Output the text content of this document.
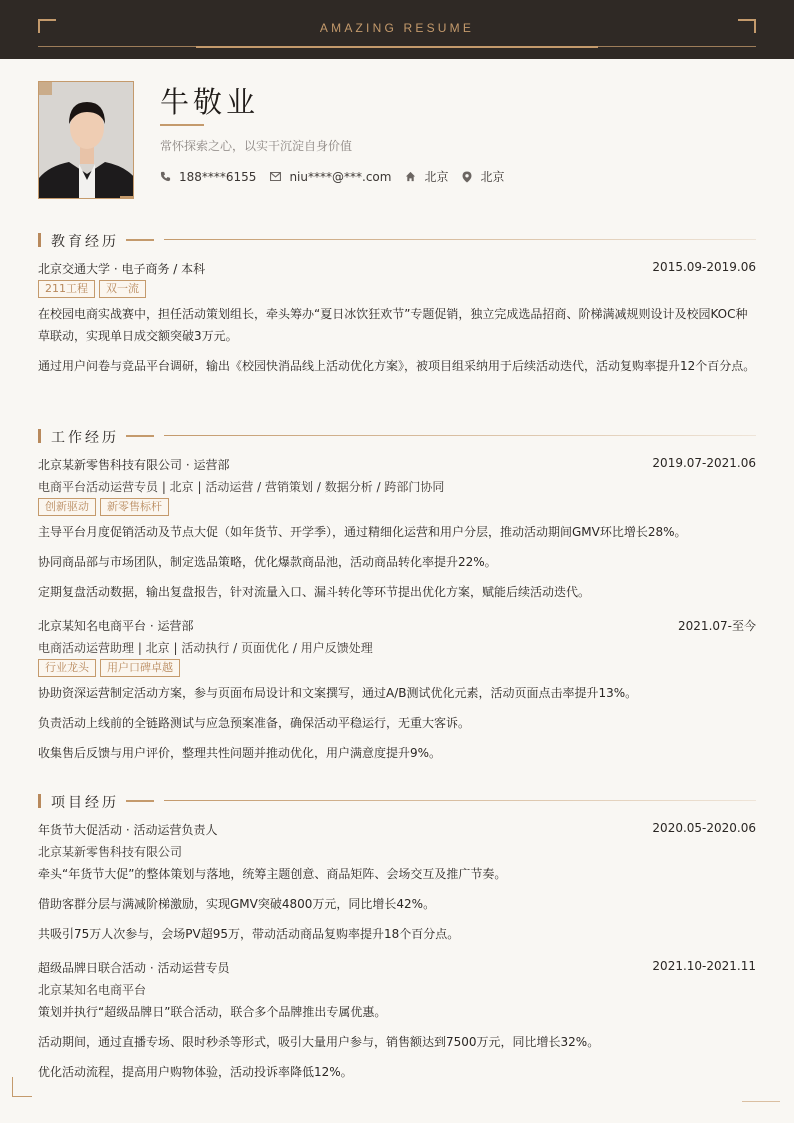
AMAZING RESUME
牛敬业
常怀探索之心，以实干沉淀自身价值
188****6155	niu****@***.com	北京	北京
教育经历
北京交通大学 · 电子商务 / 本科	2015.09-2019.06
211工程	双一流
在校园电商实战赛中，担任活动策划组长，牵头筹办“夏日冰饮狂欢节”专题促销，独立完成选品招商、阶梯满减规则设计及校园KOC种草联动，实现单日成交额突破3万元。
通过用户问卷与竞品平台调研，输出《校园快消品线上活动优化方案》，被项目组采纳用于后续活动迭代，活动复购率提升12个百分点。
工作经历
北京某新零售科技有限公司 · 运营部	2019.07-2021.06
电商平台活动运营专员 | 北京 | 活动运营 / 营销策划 / 数据分析 / 跨部门协同
创新驱动	新零售标杆
主导平台月度促销活动及节点大促（如年货节、开学季），通过精细化运营和用户分层，推动活动期间GMV环比增长28%。
协同商品部与市场团队，制定选品策略，优化爆款商品池，活动商品转化率提升22%。
定期复盘活动数据，输出复盘报告，针对流量入口、漏斗转化等环节提出优化方案，赋能后续活动迭代。
北京某知名电商平台 · 运营部	2021.07-至今
电商活动运营助理 | 北京 | 活动执行 / 页面优化 / 用户反馈处理
行业龙头	用户口碑卓越
协助资深运营制定活动方案，参与页面布局设计和文案撰写，通过A/B测试优化元素，活动页面点击率提升13%。
负责活动上线前的全链路测试与应急预案准备，确保活动平稳运行，无重大客诉。
收集售后反馈与用户评价，整理共性问题并推动优化，用户满意度提升9%。
项目经历
年货节大促活动 · 活动运营负责人	2020.05-2020.06
北京某新零售科技有限公司
牵头“年货节大促”的整体策划与落地，统筹主题创意、商品矩阵、会场交互及推广节奏。
借助客群分层与满减阶梯激励，实现GMV突破4800万元，同比增长42%。
共吸引75万人次参与，会场PV超95万，带动活动商品复购率提升18个百分点。
超级品牌日联合活动 · 活动运营专员	2021.10-2021.11
北京某知名电商平台
策划并执行“超级品牌日”联合活动，联合多个品牌推出专属优惠。
活动期间，通过直播专场、限时秒杀等形式，吸引大量用户参与，销售额达到7500万元，同比增长32%。
优化活动流程，提高用户购物体验，活动投诉率降低12%。
